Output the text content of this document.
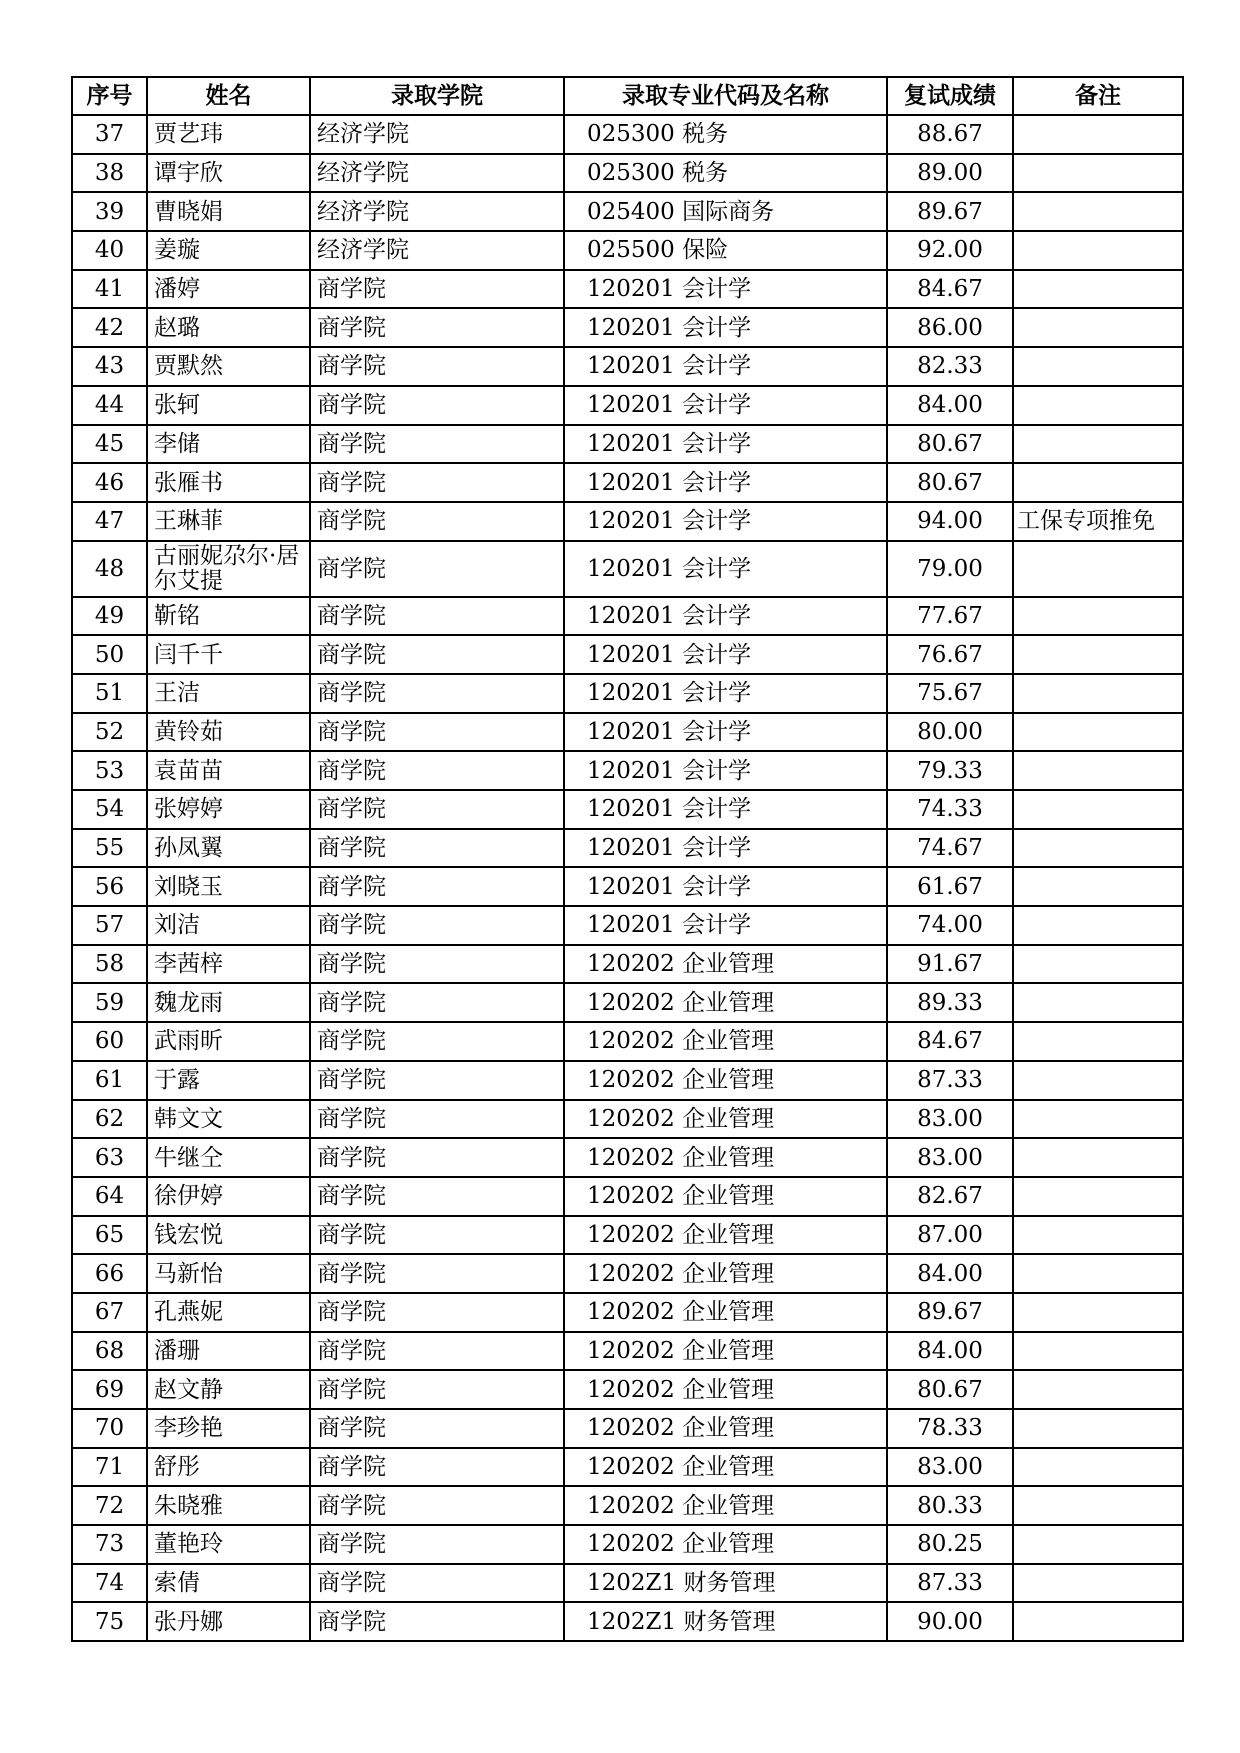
序号	姓名	录取学院	录取专业代码及名称	复试成绩	备注
37	贾艺玮	经济学院	025300 税务	88.67	
38	谭宇欣	经济学院	025300 税务	89.00	
39	曹晓娟	经济学院	025400 国际商务	89.67	
40	姜璇	经济学院	025500 保险	92.00	
41	潘婷	商学院	120201 会计学	84.67	
42	赵璐	商学院	120201 会计学	86.00	
43	贾默然	商学院	120201 会计学	82.33	
44	张轲	商学院	120201 会计学	84.00	
45	李储	商学院	120201 会计学	80.67	
46	张雁书	商学院	120201 会计学	80.67	
47	王琳菲	商学院	120201 会计学	94.00	工保专项推免
48	古丽妮尕尔·居尔艾提	商学院	120201 会计学	79.00	
49	靳铭	商学院	120201 会计学	77.67	
50	闫千千	商学院	120201 会计学	76.67	
51	王洁	商学院	120201 会计学	75.67	
52	黄铃茹	商学院	120201 会计学	80.00	
53	袁苗苗	商学院	120201 会计学	79.33	
54	张婷婷	商学院	120201 会计学	74.33	
55	孙凤翼	商学院	120201 会计学	74.67	
56	刘晓玉	商学院	120201 会计学	61.67	
57	刘洁	商学院	120201 会计学	74.00	
58	李茜梓	商学院	120202 企业管理	91.67	
59	魏龙雨	商学院	120202 企业管理	89.33	
60	武雨昕	商学院	120202 企业管理	84.67	
61	于露	商学院	120202 企业管理	87.33	
62	韩文文	商学院	120202 企业管理	83.00	
63	牛继仝	商学院	120202 企业管理	83.00	
64	徐伊婷	商学院	120202 企业管理	82.67	
65	钱宏悦	商学院	120202 企业管理	87.00	
66	马新怡	商学院	120202 企业管理	84.00	
67	孔燕妮	商学院	120202 企业管理	89.67	
68	潘珊	商学院	120202 企业管理	84.00	
69	赵文静	商学院	120202 企业管理	80.67	
70	李珍艳	商学院	120202 企业管理	78.33	
71	舒彤	商学院	120202 企业管理	83.00	
72	朱晓雅	商学院	120202 企业管理	80.33	
73	董艳玲	商学院	120202 企业管理	80.25	
74	索倩	商学院	1202Z1 财务管理	87.33	
75	张丹娜	商学院	1202Z1 财务管理	90.00	
